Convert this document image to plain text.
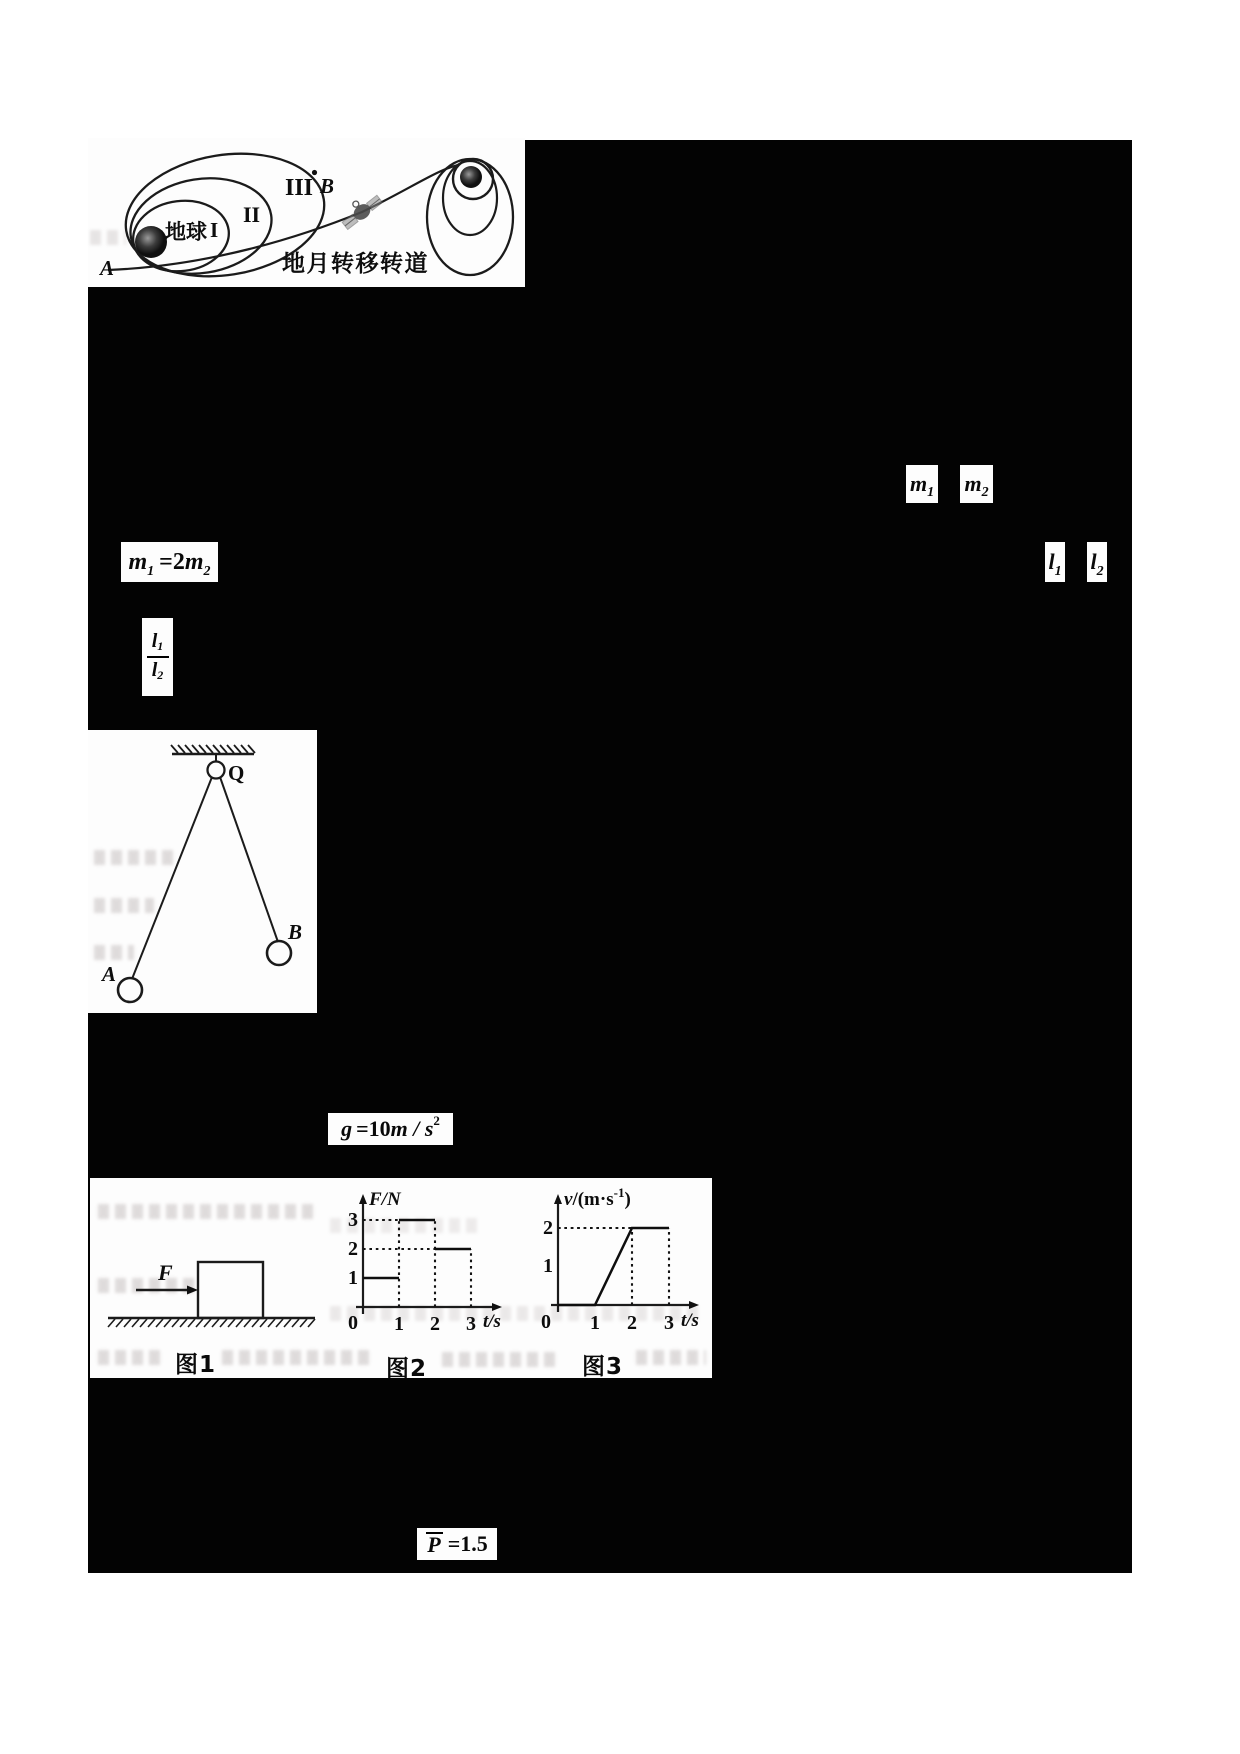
地球 I
II
III B
A	地月转移转道
m 1 m 2
m 1 =2 m 2	l 1 l 2
l 1
l 2
Q
A
B
g =10 m / s 2
F
图1
F/N
3
2
1
0 1 2 3 t/s
图2
$v/(m\cdot s^{-1})$
2
1
0 1 2 3 t/s
图3
P =1.5
